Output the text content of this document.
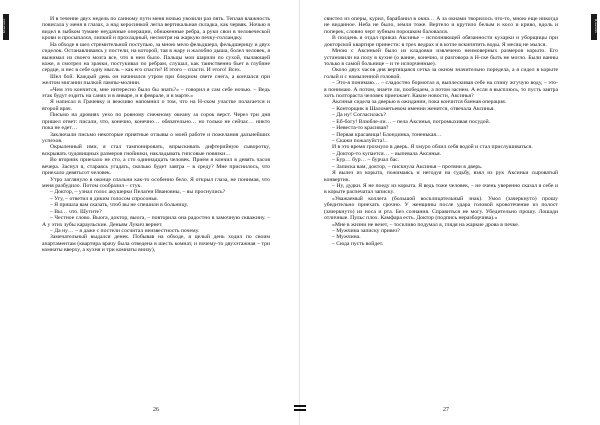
Ы вачиях	И в течение двух недель по санному пути меня ночью увозили раз пять. Теплая влажность повисала у меня в глазах, а над керосинкой легла вертикальная складка, как червяк. Ночью я видел в зыбком тумане неудачные операции, обнаженные ребра, а руки свои в человеческой крови и просыпался, липкий и прохладный, несмотря на жаркую печку-голландку.

На обходе я шел стремительной поступью, за мною мело фельдшера, фельдшерицу и двух сиделок. Останавливаясь у постели, на которой, тая в жару и жалобно дыша, болел человек, я выжимал из своего мозга все, что в нем было. Пальцы мои шарили по сухой, пылающей коже, я смотрел на зрачки, постукивал по ребрам, слушал, как таинственно бьет в глубине сердце, и нес в себе одну мысль – как его спасти? И этого – спасти. И этого! Всех.

Шел бой. Каждый день он начинался утром при бледном свете снега, а кончался при желтом мигании пылкой лампы-молнии.

«Чем это кончится, мне интересно было бы знать?» – говорил я сам себе ночью. – Ведь этак будут ездить на санях и в январе, и в феврале, и в марте.»

Я написал в Грачевку и вежливо напомнил о том, что на Н-ском участке полагается и второй врач.

Письмо на дровнях уехо по ровному снежному океану за сорок верст. Через три дня пришел ответ: писали, что, конечно, конечно… обязательно… но только не сейчас… никто пока не едет…

Заключали письмо некоторые приятные отзывы о моей работе и пожелания дальнейших успехов.

Окрыленный ими, я стал тампонировать, впрыскивать дифтерийную сыворотку, вскрывать чудовищных размеров гнойники, накладывать гипсовые повязки…

Во вторник приехало не сто, а сто одиннадцать человек. Прием я кончил в девять часов вечера. Заснул я, стараясь угадать, сколько будет завтра – в среду? Мне приснилось, что приехало девятьсот человек.

Утро заглянуло в оконце спальни как-то особенно бело. Я открыл глаза, не понимая, что меня разбудило. Потом сообразил – стук.

– Доктор, – узнал голос акушерки Пелагеи Ивановны, – вы проснулись?

– Угу, – ответил я диким голосом спросонья.

– Я пришла вам сказать, чтоб вы не спешили в больницу.

– Вы… что. Шутите?

– Честное слово. Выога, доктор, выога, – повторила она радостно в замочную скважину. – А у этих зубы караульские. Деньям Лукич вернет.

– Да ну… – я даже с постели сосчитал неизвестность почему.

Замечательный выдался денек. Побывав на обходе, я целый день ходил по своим апартаментам (квартира врачу была отведена в шесть комнат, и почему-то двухэтажная – три комнаты вверху, а кухня и три комнаты внизу),

26
Д вачиях

свистел из оперы, курил, барабанил в окна… А за окнами творилось что-то, мною еще никогда не виданное. Неба не было, земли тоже. Вертело и крутило белым и косо и криво, вдоль и поперек, словно черт зубным порошком баловался.

В полдень я отдал приказ Аксинье – исполняющей обязанности кухарки и уборщицы при докторской квартире принести: в трех ведрах и в котле вскипятить воды. Я месяц не мылся.

Мною с Аксиньей было из кладовки извлечено неимоверных размеров корыто. Его установили на полу в кухне (о ванне, конечно, и разговора в Н-ске быть не могло. Были ванны только в самой больнице – и те испорченные).

Около двух часов дня вертящаяся сетка за окном значительно поредела, а я сидел в корыте голый и с намыленной головой.

– Это-я понимаю… – сладостно бормотал я, выплескивая себе на спину жгучую воду, – это-я понимаю. А потом, знаете ли, пообедаем, а потом заснем. А если я высплюсь, то пусть завтра хоть полтораста человек приезжает. Какие новости, Аксинья?

Аксинья сидела за дверью в ожидании, пока кончится банная операция.

– Конторщик в Шалометьевом имении женится, отвечала Аксинья.

– Да ну! Согласилась?

– Еб-богу! Влюбле-ли… – пела Аксинья, погромыхивая посудой.

– Невеста-то красивая?

– Первая красавица! Блондинка, тоненькая…

– Скажи пожалуйста!..

И в это время грохнуло в дверь. Я хмуро облил себя водой и стал прислушиваться.

– Доктор-то купается… – выпевала Аксинья.

– Бур… бур… – бурчал бас.

– Записка вам, доктор, – пискнула Аксинья – протяни в дверь.

Я вылез из корыта, пожимаясь и негодуя на судьбу, взял из рук Аксиньи сыроватый конвертик.

– Ну, дудки. Я не поеду из корыта. Я ведь тоже человек, – не очень уверенно сказал я себе и в корыте распечатал записку.

«Уважаемый коллега (большой восклицательный знак). Умол (зачеркнуто) прошу убедительно приехать срочно. У женщины после удара головой кровотечение из полост (зачеркнуто) из носа и рта. Без сознания. Справиться не могу. Убедительно прошу. Лошади отличные. Пульс плох. Камфара есть. Доктор (подпись неразборчива).»

«Мне в жизни не везет, – тоскливо подумал я, глядя на жаркие дрова в печке.

– Мужчина записку привез?

– Мужчина.

– Сюда пусть войдет.

27
